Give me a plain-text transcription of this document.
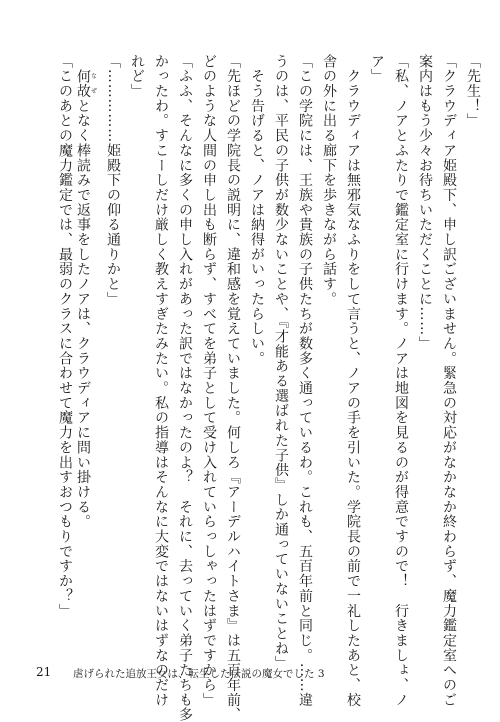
「先生！」
「クラウディア姫殿下、申し訳ございません。緊急の対応がなかなか終わらず、魔力鑑定室へのご
案内はもう少々お待ちいただくことに……」
「私、ノアとふたりで鑑定室に行けます。ノアは地図を見るのが得意ですので！　行きましょ、ノ
ア」
　クラウディアは無邪気なふりをして言うと、ノアの手を引いた。学院長の前で一礼したあと、校
舎の外に出る廊下を歩きながら話す。
「この学院には、王族や貴族の子供たちが数多く通っているわ。これも、五百年前と同じ。……違
うのは、平民の子供が数少ないことや、『才能ある選ばれた子供』しか通っていないことね」
　そう告げると、ノアは納得がいったらしい。
「先ほどの学院長の説明に、違和感を覚えていました。何しろ『アーデルハイトさま』は五百年前、
どのような人間の申し出も断らず、すべてを弟子として受け入れていらっしゃったはずですから」
「ふふ、そんなに多くの申し入れがあった訳ではなかったのよ？　それに、去っていく弟子たちも多
かったわ。すこーしだけ厳しく教えすぎたみたい。私の指導はそんなに大変ではないはずなのだけ
れど」
「……………姫殿下の仰る通りかと」
　何故なぜとなく棒読みで返事をしたノアは、クラウディアに問い掛ける。
「このあとの魔力鑑定では、最弱のクラスに合わせて魔力を出すおつもりですか？」
21 虐げられた追放王女は、転生した伝説の魔女でした 3
